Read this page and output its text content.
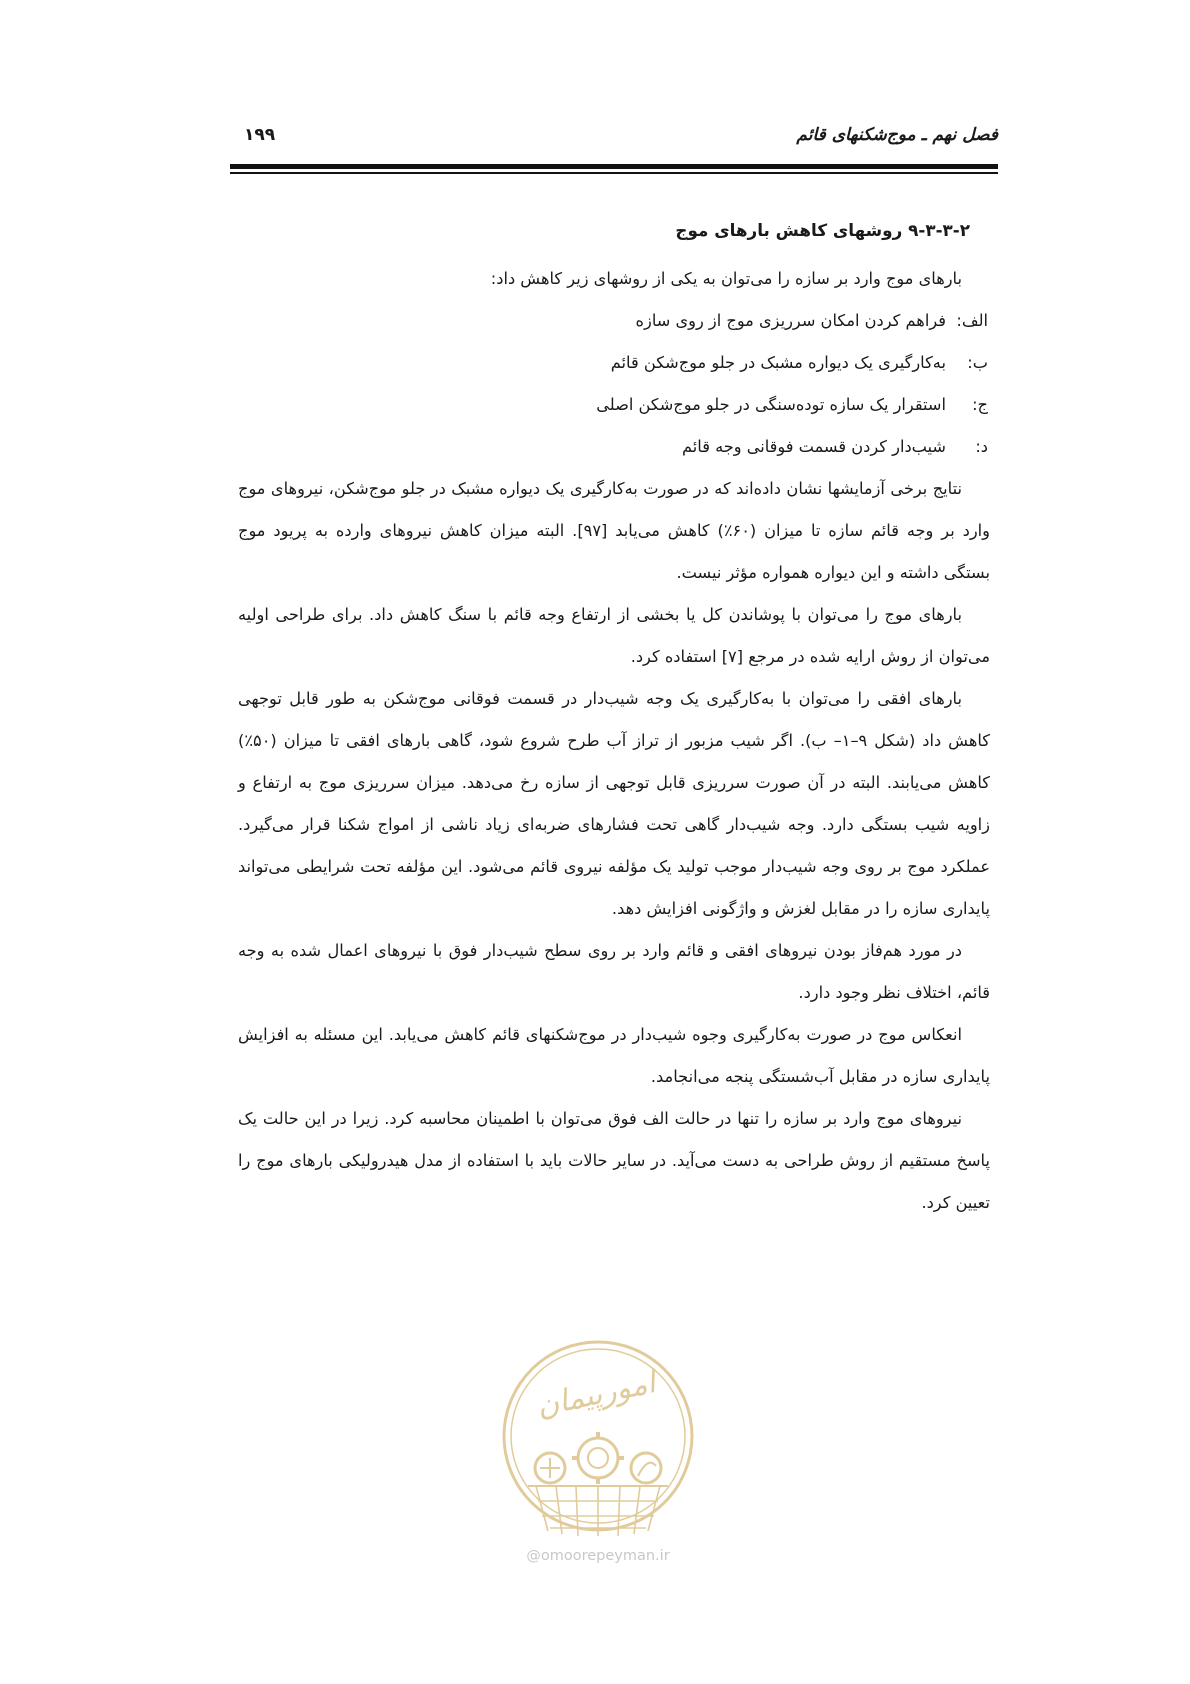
فصل نهم ـ موج‌شکنهای قائم
۱۹۹
۹-۳-۳-۲ روشهای کاهش بارهای موج

بارهای موج وارد بر سازه را می‌توان به یکی از روشهای زیر کاهش داد:

الف:
فراهم کردن امکان سرریزی موج از روی سازه
ب:
به‌کارگیری یک دیواره مشبک در جلو موج‌شکن قائم
ج:
استقرار یک سازه توده‌سنگی در جلو موج‌شکن اصلی
د:
شیب‌دار کردن قسمت فوقانی وجه قائم

نتایج برخی آزمایشها نشان داده‌اند که در صورت به‌کارگیری یک دیواره مشبک در جلو موج‌شکن، نیروهای موج وارد بر وجه قائم سازه تا میزان (۶۰٪) کاهش می‌یابد [۹۷]. البته میزان کاهش نیروهای وارده به پریود موج بستگی داشته و این دیواره همواره مؤثر نیست.

بارهای موج را می‌توان با پوشاندن کل یا بخشی از ارتفاع وجه قائم با سنگ کاهش داد. برای طراحی اولیه می‌توان از روش ارایه شده در مرجع [۷] استفاده کرد.

بارهای افقی را می‌توان با به‌کارگیری یک وجه شیب‌دار در قسمت فوقانی موج‌شکن به طور قابل توجهی کاهش داد (شکل ۹–۱– ب). اگر شیب مزبور از تراز آب طرح شروع شود، گاهی بارهای افقی تا میزان (۵۰٪) کاهش می‌یابند. البته در آن صورت سرریزی قابل توجهی از سازه رخ می‌دهد. میزان سرریزی موج به ارتفاع و زاویه شیب بستگی دارد. وجه شیب‌دار گاهی تحت فشارهای ضربه‌ای زیاد ناشی از امواج شکنا قرار می‌گیرد. عملکرد موج بر روی وجه شیب‌دار موجب تولید یک مؤلفه نیروی قائم می‌شود. این مؤلفه تحت شرایطی می‌تواند پایداری سازه را در مقابل لغزش و واژگونی افزایش دهد.

در مورد هم‌فاز بودن نیروهای افقی و قائم وارد بر روی سطح شیب‌دار فوق با نیروهای اعمال شده به وجه قائم، اختلاف نظر وجود دارد.

انعکاس موج در صورت به‌کارگیری وجوه شیب‌دار در موج‌شکنهای قائم کاهش می‌یابد. این مسئله به افزایش پایداری سازه در مقابل آب‌شستگی پنجه می‌انجامد.

نیروهای موج وارد بر سازه را تنها در حالت الف فوق می‌توان با اطمینان محاسبه کرد. زیرا در این حالت یک پاسخ مستقیم از روش طراحی به دست می‌آید. در سایر حالات باید با استفاده از مدل هیدرولیکی بارهای موج را تعیین کرد.

امورپیمان
@omoorepeyman.ir
